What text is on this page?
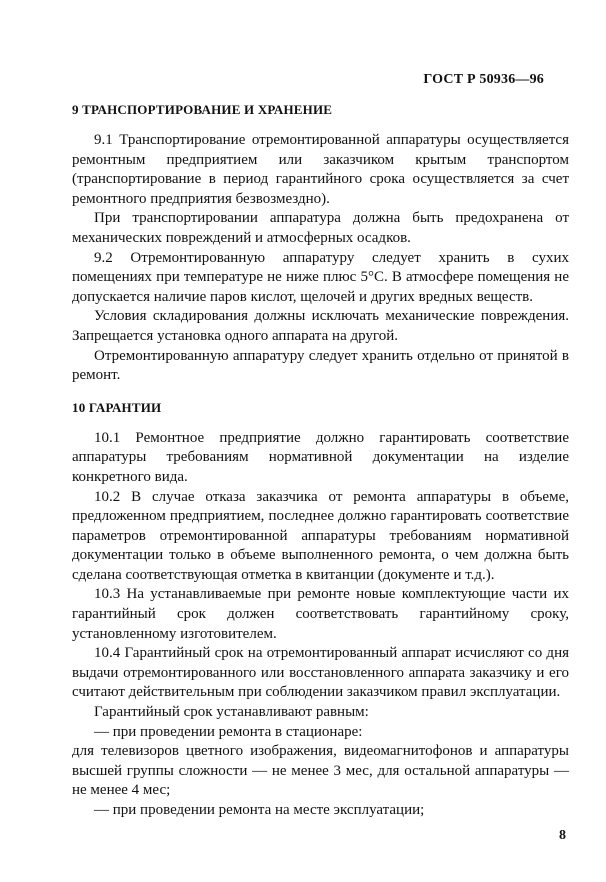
ГОСТ Р 50936—96
9 ТРАНСПОРТИРОВАНИЕ И ХРАНЕНИЕ

9.1 Транспортирование отремонтированной аппаратуры осуществляется ремонтным предприятием или заказчиком крытым транспортом (транспортирование в период гарантийного срока осуществляется за счет ремонтного предприятия безвозмездно).

При транспортировании аппаратура должна быть предохранена от механических повреждений и атмосферных осадков.

9.2 Отремонтированную аппаратуру следует хранить в сухих помещениях при температуре не ниже плюс 5°С. В атмосфере помещения не допускается наличие паров кислот, щелочей и других вредных веществ.

Условия складирования должны исключать механические повреждения. Запрещается установка одного аппарата на другой.

Отремонтированную аппаратуру следует хранить отдельно от принятой в ремонт.

10 ГАРАНТИИ

10.1 Ремонтное предприятие должно гарантировать соответствие аппаратуры требованиям нормативной документации на изделие конкретного вида.

10.2 В случае отказа заказчика от ремонта аппаратуры в объеме, предложенном предприятием, последнее должно гарантировать соответствие параметров отремонтированной аппаратуры требованиям нормативной документации только в объеме выполненного ремонта, о чем должна быть сделана соответствующая отметка в квитанции (документе и т.д.).

10.3 На устанавливаемые при ремонте новые комплектующие части их гарантийный срок должен соответствовать гарантийному сроку, установленному изготовителем.

10.4 Гарантийный срок на отремонтированный аппарат исчисляют со дня выдачи отремонтированного или восстановленного аппарата заказчику и его считают действительным при соблюдении заказчиком правил эксплуатации.

Гарантийный срок устанавливают равным:

— при проведении ремонта в стационаре:

для телевизоров цветного изображения, видеомагнитофонов и аппаратуры высшей группы сложности — не менее 3 мес, для остальной аппаратуры — не менее 4 мес;

— при проведении ремонта на месте эксплуатации;

8
